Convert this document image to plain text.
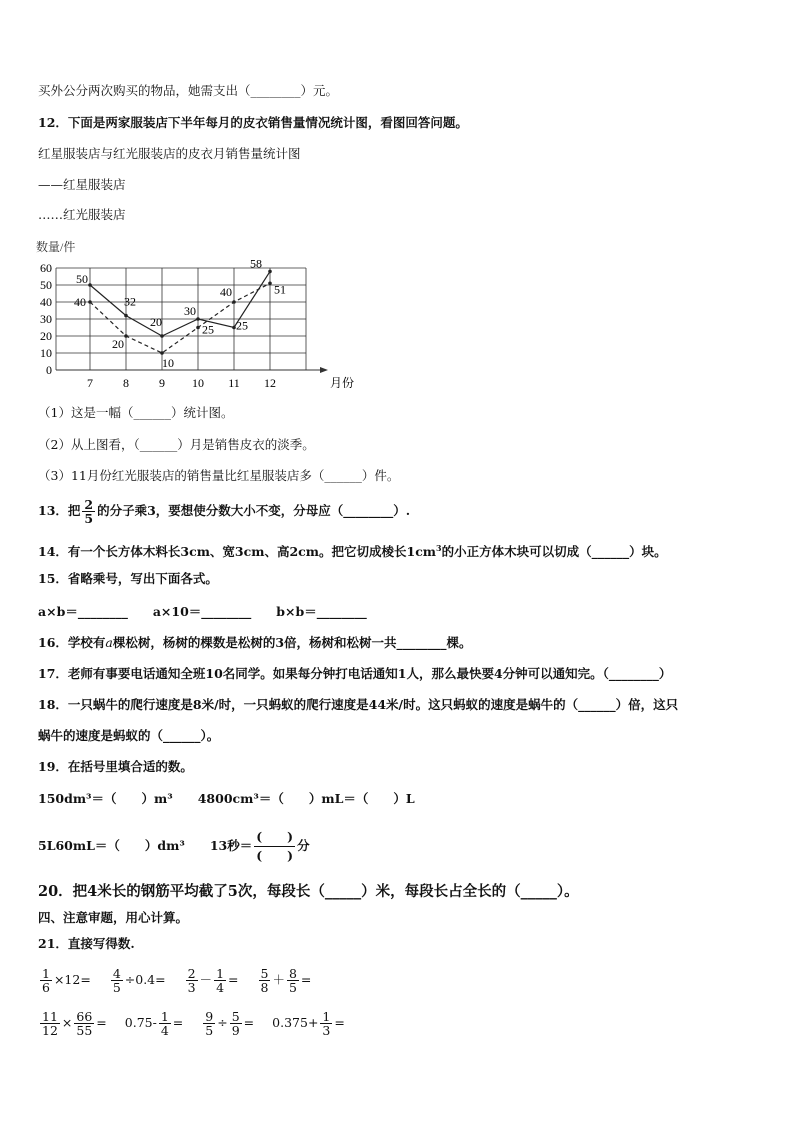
买外公分两次购买的物品，她需支出（________）元。
12．下面是两家服装店下半年每月的皮衣销售量情况统计图，看图回答问题。
红星服装店与红光服装店的皮衣月销售量统计图
——红星服装店
……红光服装店
0
10
20
30
40
50
60
7	8	9 10 11 12
数量/件
月份
50
32
20
30
25
58
40
20
10
25
40	51
（1）这是一幅（______）统计图。
（2）从上图看，（______）月是销售皮衣的淡季。
（3）11月份红光服装店的销售量比红星服装店多（______）件。
13．把 $\frac{2}{5}$ 的分子乘3，要想使分数大小不变，分母应（________）.
14．有一个长方体木料长3cm、宽3cm、高2cm。把它切成棱长$1cm^3$的小正方体木块可以切成（______）块。
15．省略乘号，写出下面各式。
a×b＝________　　a×10＝________　　b×b＝________
16．学校有a棵松树，杨树的棵数是松树的3倍，杨树和松树一共________棵。
17．老师有事要电话通知全班10名同学。如果每分钟打电话通知1人，那么最快要4分钟可以通知完。（________）
18．一只蜗牛的爬行速度是8米/时，一只蚂蚁的爬行速度是44米/时。这只蚂蚁的速度是蜗牛的（______）倍，这只
蜗牛的速度是蚂蚁的（______）。
19．在括号里填合适的数。
150dm³＝（　　）m³　　4800cm³＝（　　）mL＝（　　）L
5L60mL＝（　　）dm³　　13秒＝ $\frac{( )}{( )}$ 分
20．把4米长的钢筋平均截了5次，每段长（_____）米，每段长占全长的（_____）。
四、注意审题，用心计算。
21．直接写得数.
$\frac{1}{6} \times 12= \frac{4}{5} \div 0.4= \frac{2}{3} - \frac{1}{4} = \frac{5}{8} + \frac{8}{5}$ =
$\frac{11}{12} \times \frac{66}{55} = 0.75- \frac{1}{4} = \frac{9}{5} \div \frac{5}{9} = 0.375+ \frac{1}{3}$ =
